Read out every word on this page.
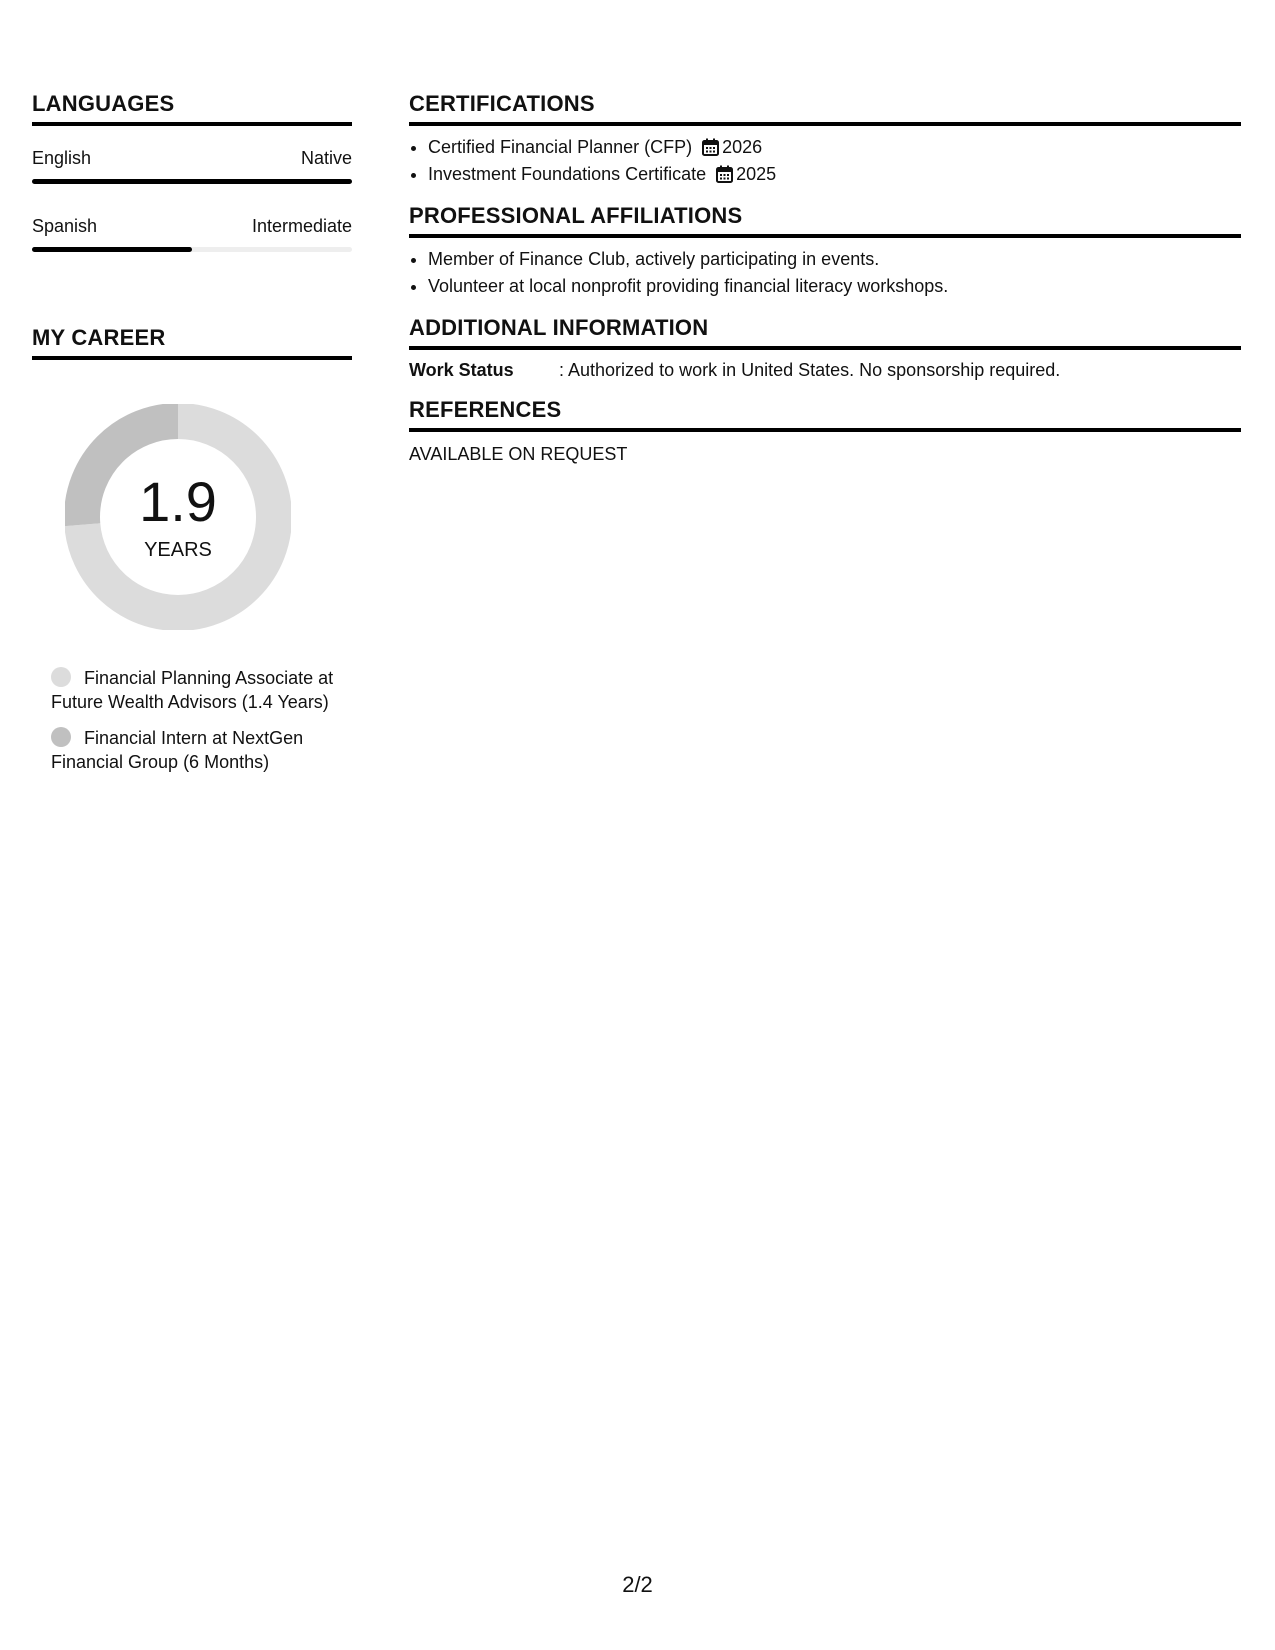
LANGUAGES
English	Native
Spanish	Intermediate
MY CAREER
1.9
YEARS
Financial Planning Associate at Future Wealth Advisors (1.4 Years)
Financial Intern at NextGen Financial Group (6 Months)
CERTIFICATIONS
• Certified Financial Planner (CFP) 2026
• Investment Foundations Certificate 2025
PROFESSIONAL AFFILIATIONS
• Member of Finance Club, actively participating in events.
• Volunteer at local nonprofit providing financial literacy workshops.
ADDITIONAL INFORMATION
Work Status	: Authorized to work in United States. No sponsorship required.
REFERENCES
AVAILABLE ON REQUEST
2/2
